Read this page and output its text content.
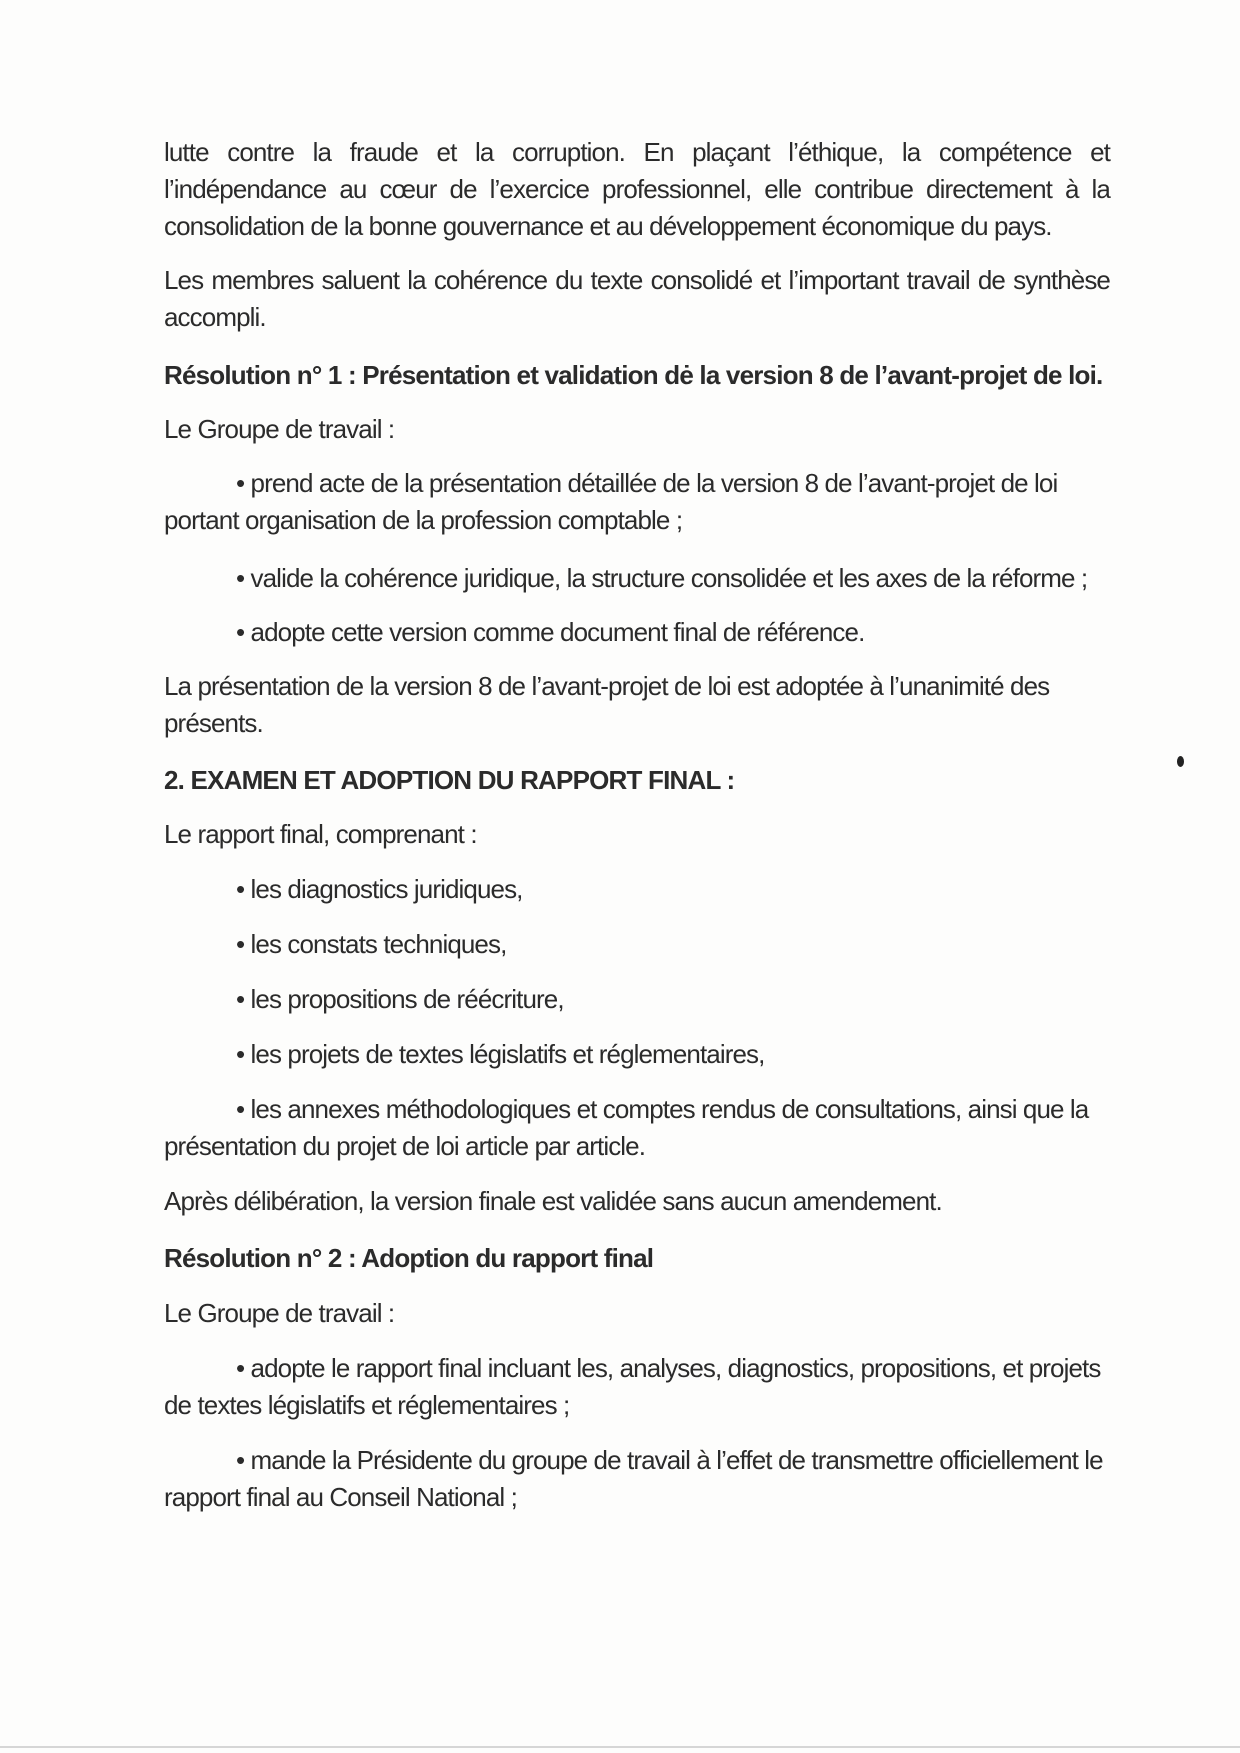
lutte contre la fraude et la corruption. En plaçant l’éthique, la compétence et
l’indépendance au cœur de l’exercice professionnel, elle contribue directement à la
consolidation de la bonne gouvernance et au développement économique du pays.
Les membres saluent la cohérence du texte consolidé et l’important travail de synthèse
accompli.
Résolution n° 1 : Présentation et validation dė la version 8 de l’avant-projet de loi.
Le Groupe de travail :
• prend acte de la présentation détaillée de la version 8 de l’avant-projet de loi
portant organisation de la profession comptable ;
• valide la cohérence juridique, la structure consolidée et les axes de la réforme ;
• adopte cette version comme document final de référence.
La présentation de la version 8 de l’avant-projet de loi est adoptée à l’unanimité des
présents.
2. EXAMEN ET ADOPTION DU RAPPORT FINAL :
Le rapport final, comprenant :
• les diagnostics juridiques,
• les constats techniques,
• les propositions de réécriture,
• les projets de textes législatifs et réglementaires,
• les annexes méthodologiques et comptes rendus de consultations, ainsi que la
présentation du projet de loi article par article.
Après délibération, la version finale est validée sans aucun amendement.
Résolution n° 2 : Adoption du rapport final
Le Groupe de travail :
• adopte le rapport final incluant les, analyses, diagnostics, propositions, et projets
de textes législatifs et réglementaires ;
• mande la Présidente du groupe de travail à l’effet de transmettre officiellement le
rapport final au Conseil National ;
